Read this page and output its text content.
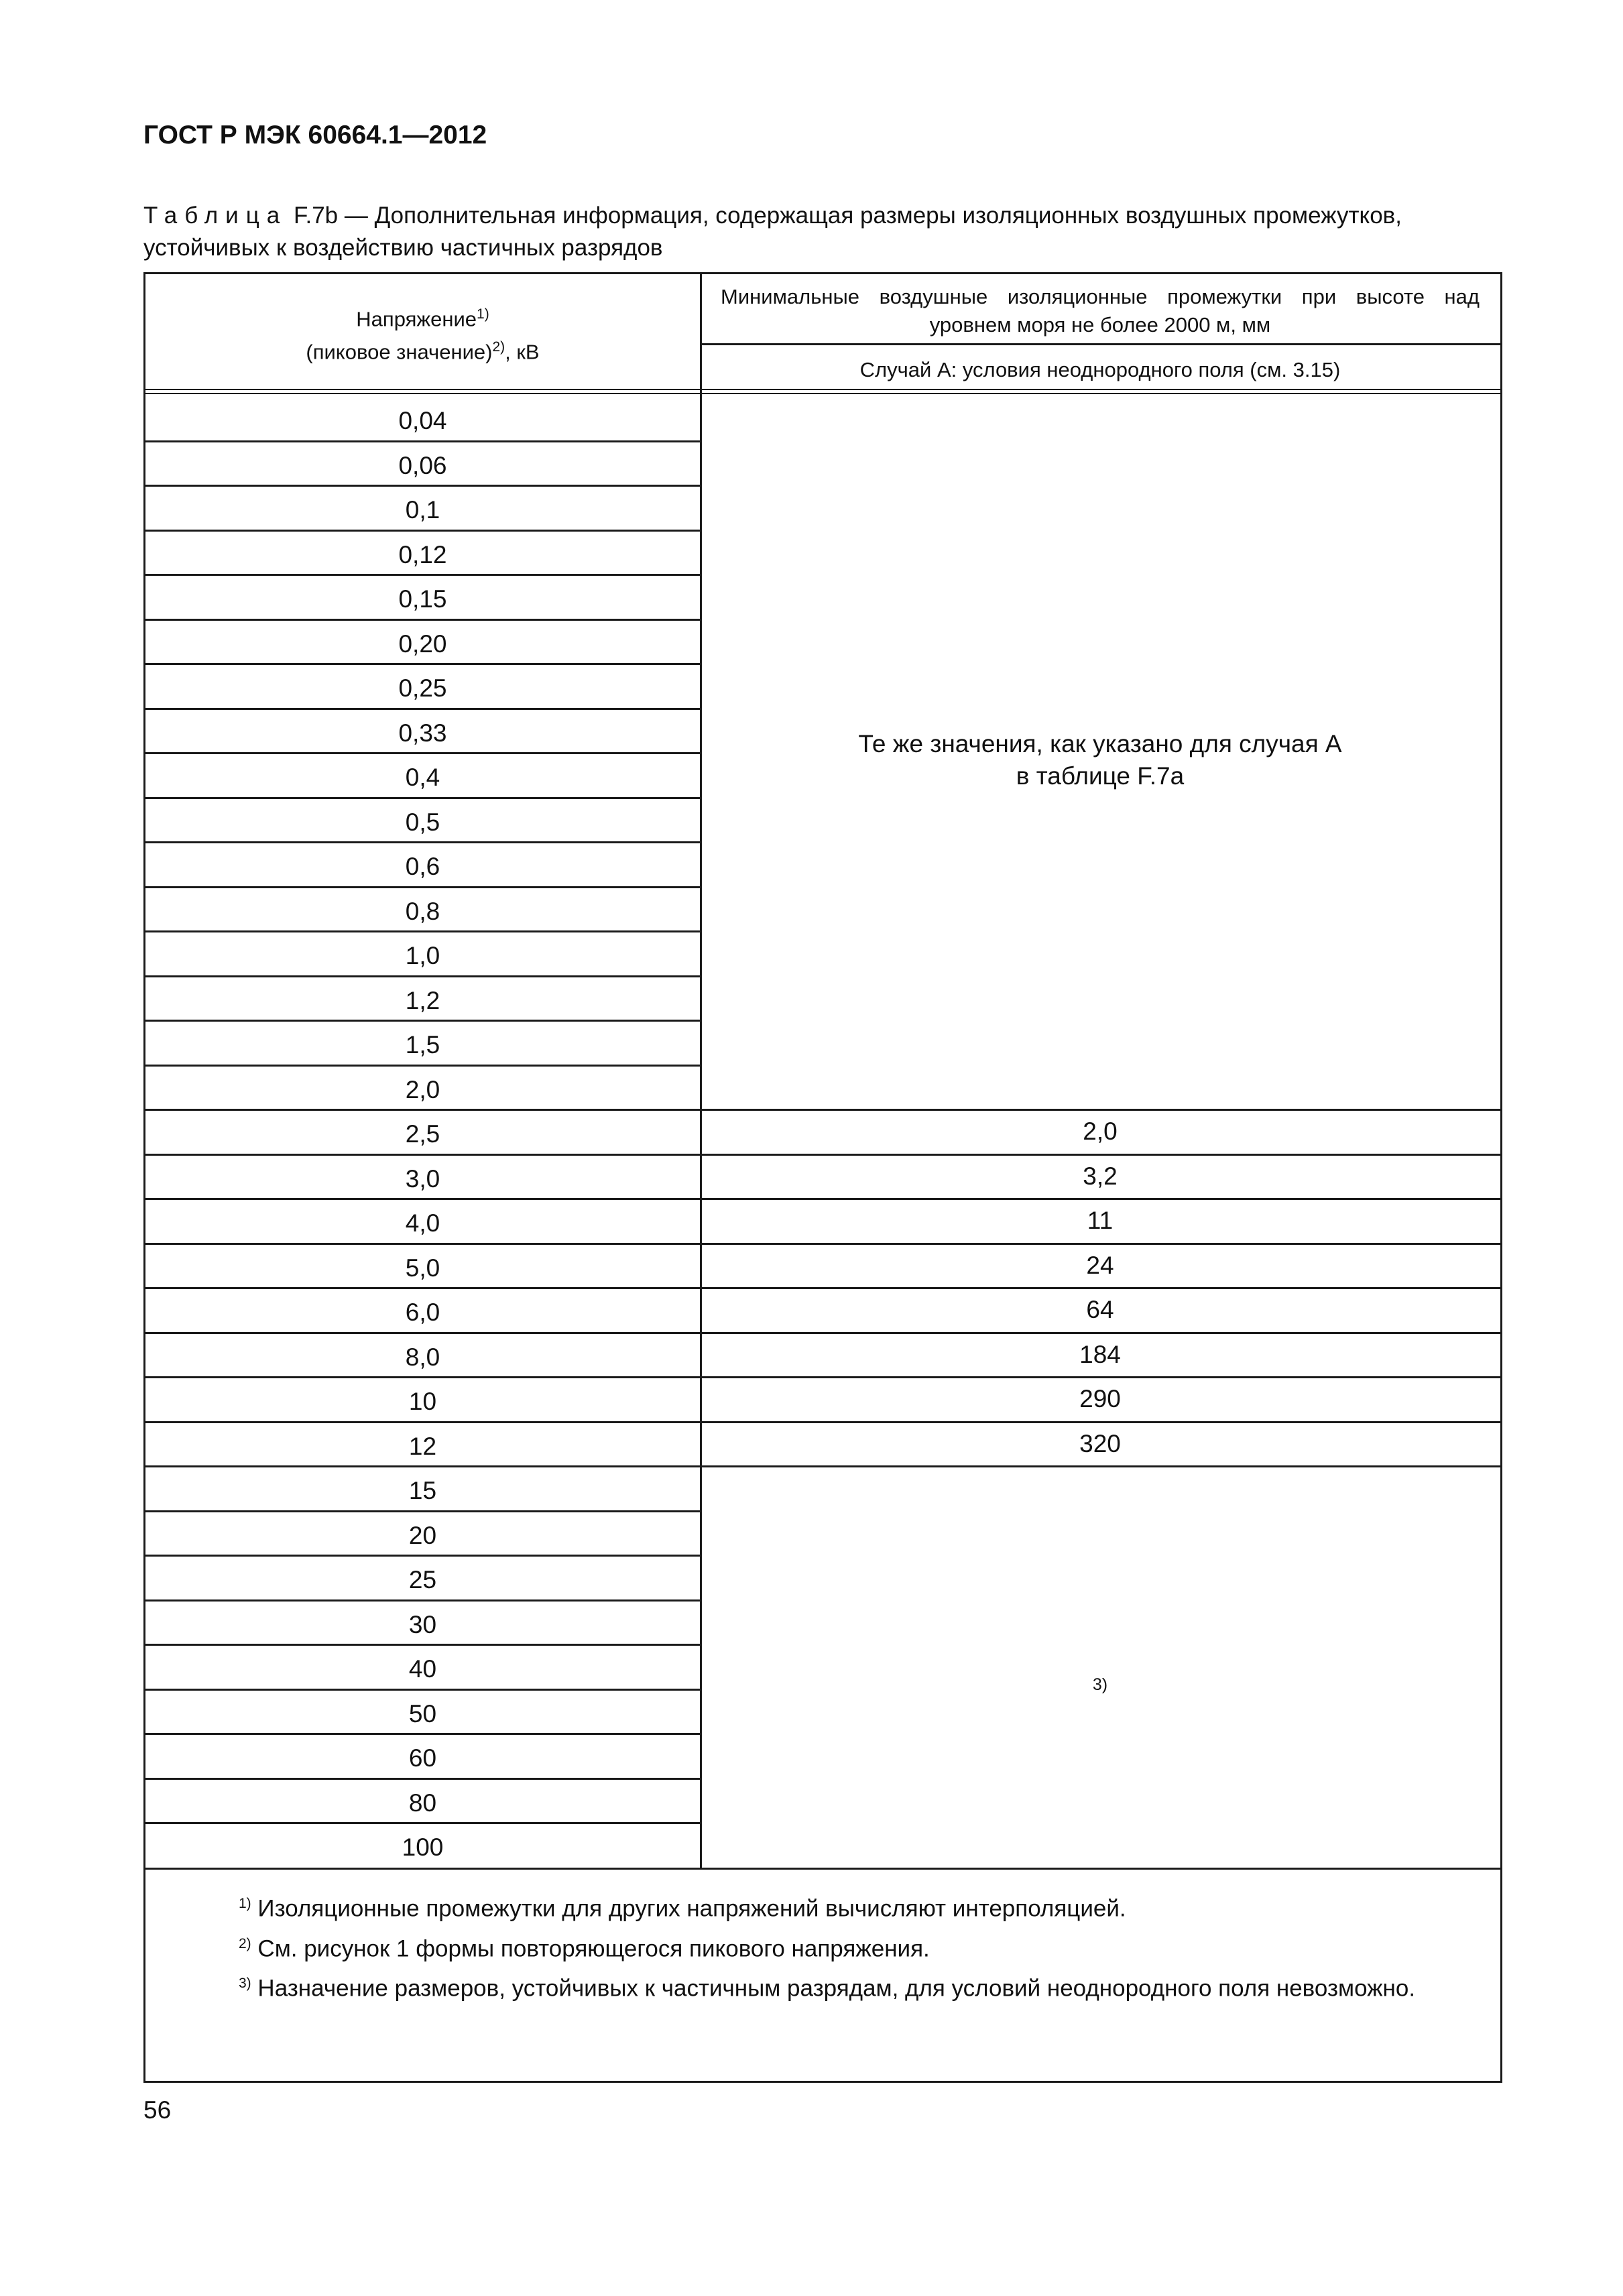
ГОСТ Р МЭК 60664.1—2012
Таблица F.7b — Дополнительная информация, содержащая размеры изоляционных воздушных промежутков, устойчивых к воздействию частичных разрядов
Напряжение$^{1)}$
(пиковое значение)$^{2)}$, кВ
Минимальные воздушные изоляционные промежутки при высоте над уровнем моря не более 2000 м, мм
Случай А: условия неоднородного поля (см. 3.15)
Те же значения, как указано для случая А
в таблице F.7a
3)
$^{1)}$ Изоляционные промежутки для других напряжений вычисляют интерполяцией.
$^{2)}$ См. рисунок 1 формы повторяющегося пикового напряжения.
$^{3)}$ Назначение размеров, устойчивых к частичным разрядам, для условий неоднородного поля невозможно.
0,04
0,06
0,1
0,12
0,15
0,20
0,25
0,33
0,4
0,5
0,6
0,8
1,0
1,2
1,5
2,0
2,5
3,0
4,0
5,0
6,0
8,0
10
12
15
20
25
30
40
50
60
80
100
2,0
3,2
11
24
64
184
290
320
56
